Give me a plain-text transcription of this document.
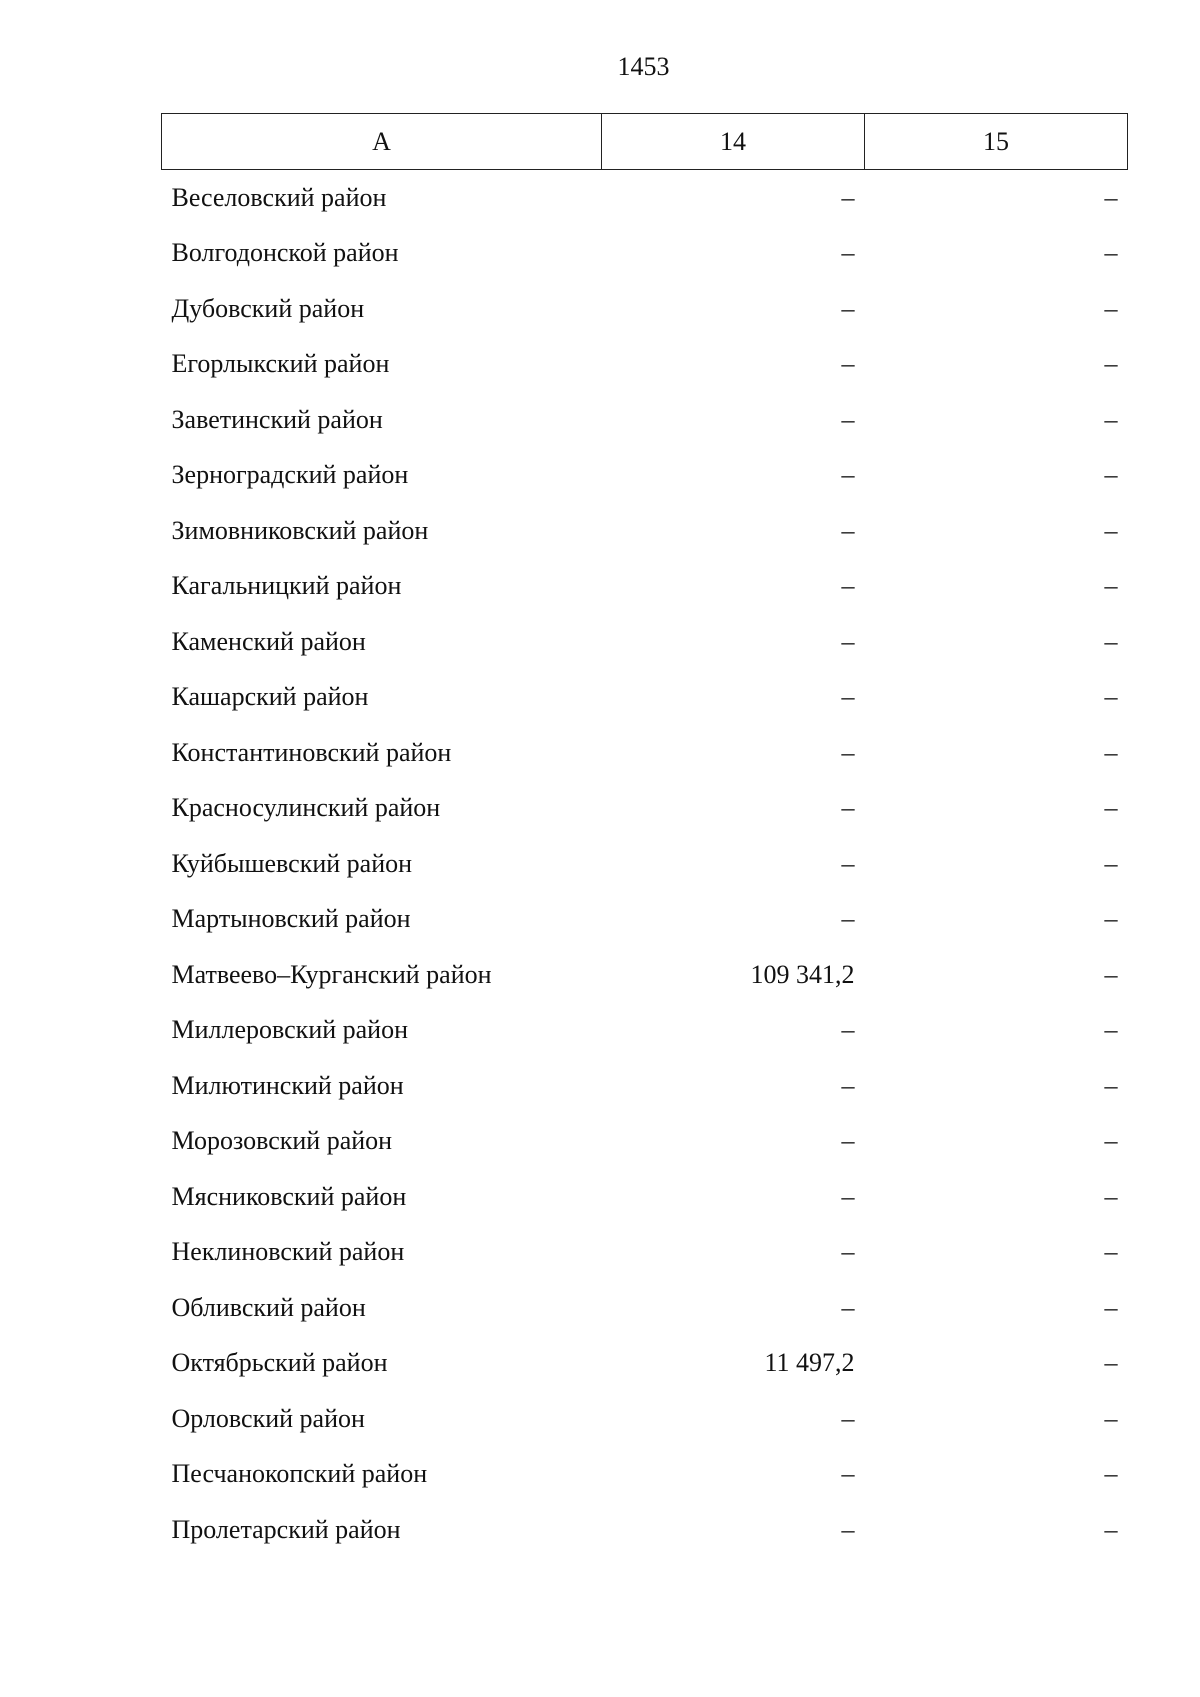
1453
А	14	15
Веселовский район	–	–
Волгодонской район	–	–
Дубовский район	–	–
Егорлыкский район	–	–
Заветинский район	–	–
Зерноградский район	–	–
Зимовниковский район	–	–
Кагальницкий район	–	–
Каменский район	–	–
Кашарский район	–	–
Константиновский район	–	–
Красносулинский район	–	–
Куйбышевский район	–	–
Мартыновский район	–	–
Матвеево–Курганский район	109 341,2	–
Миллеровский район	–	–
Милютинский район	–	–
Морозовский район	–	–
Мясниковский район	–	–
Неклиновский район	–	–
Обливский район	–	–
Октябрьский район	11 497,2	–
Орловский район	–	–
Песчанокопский район	–	–
Пролетарский район	–	–
